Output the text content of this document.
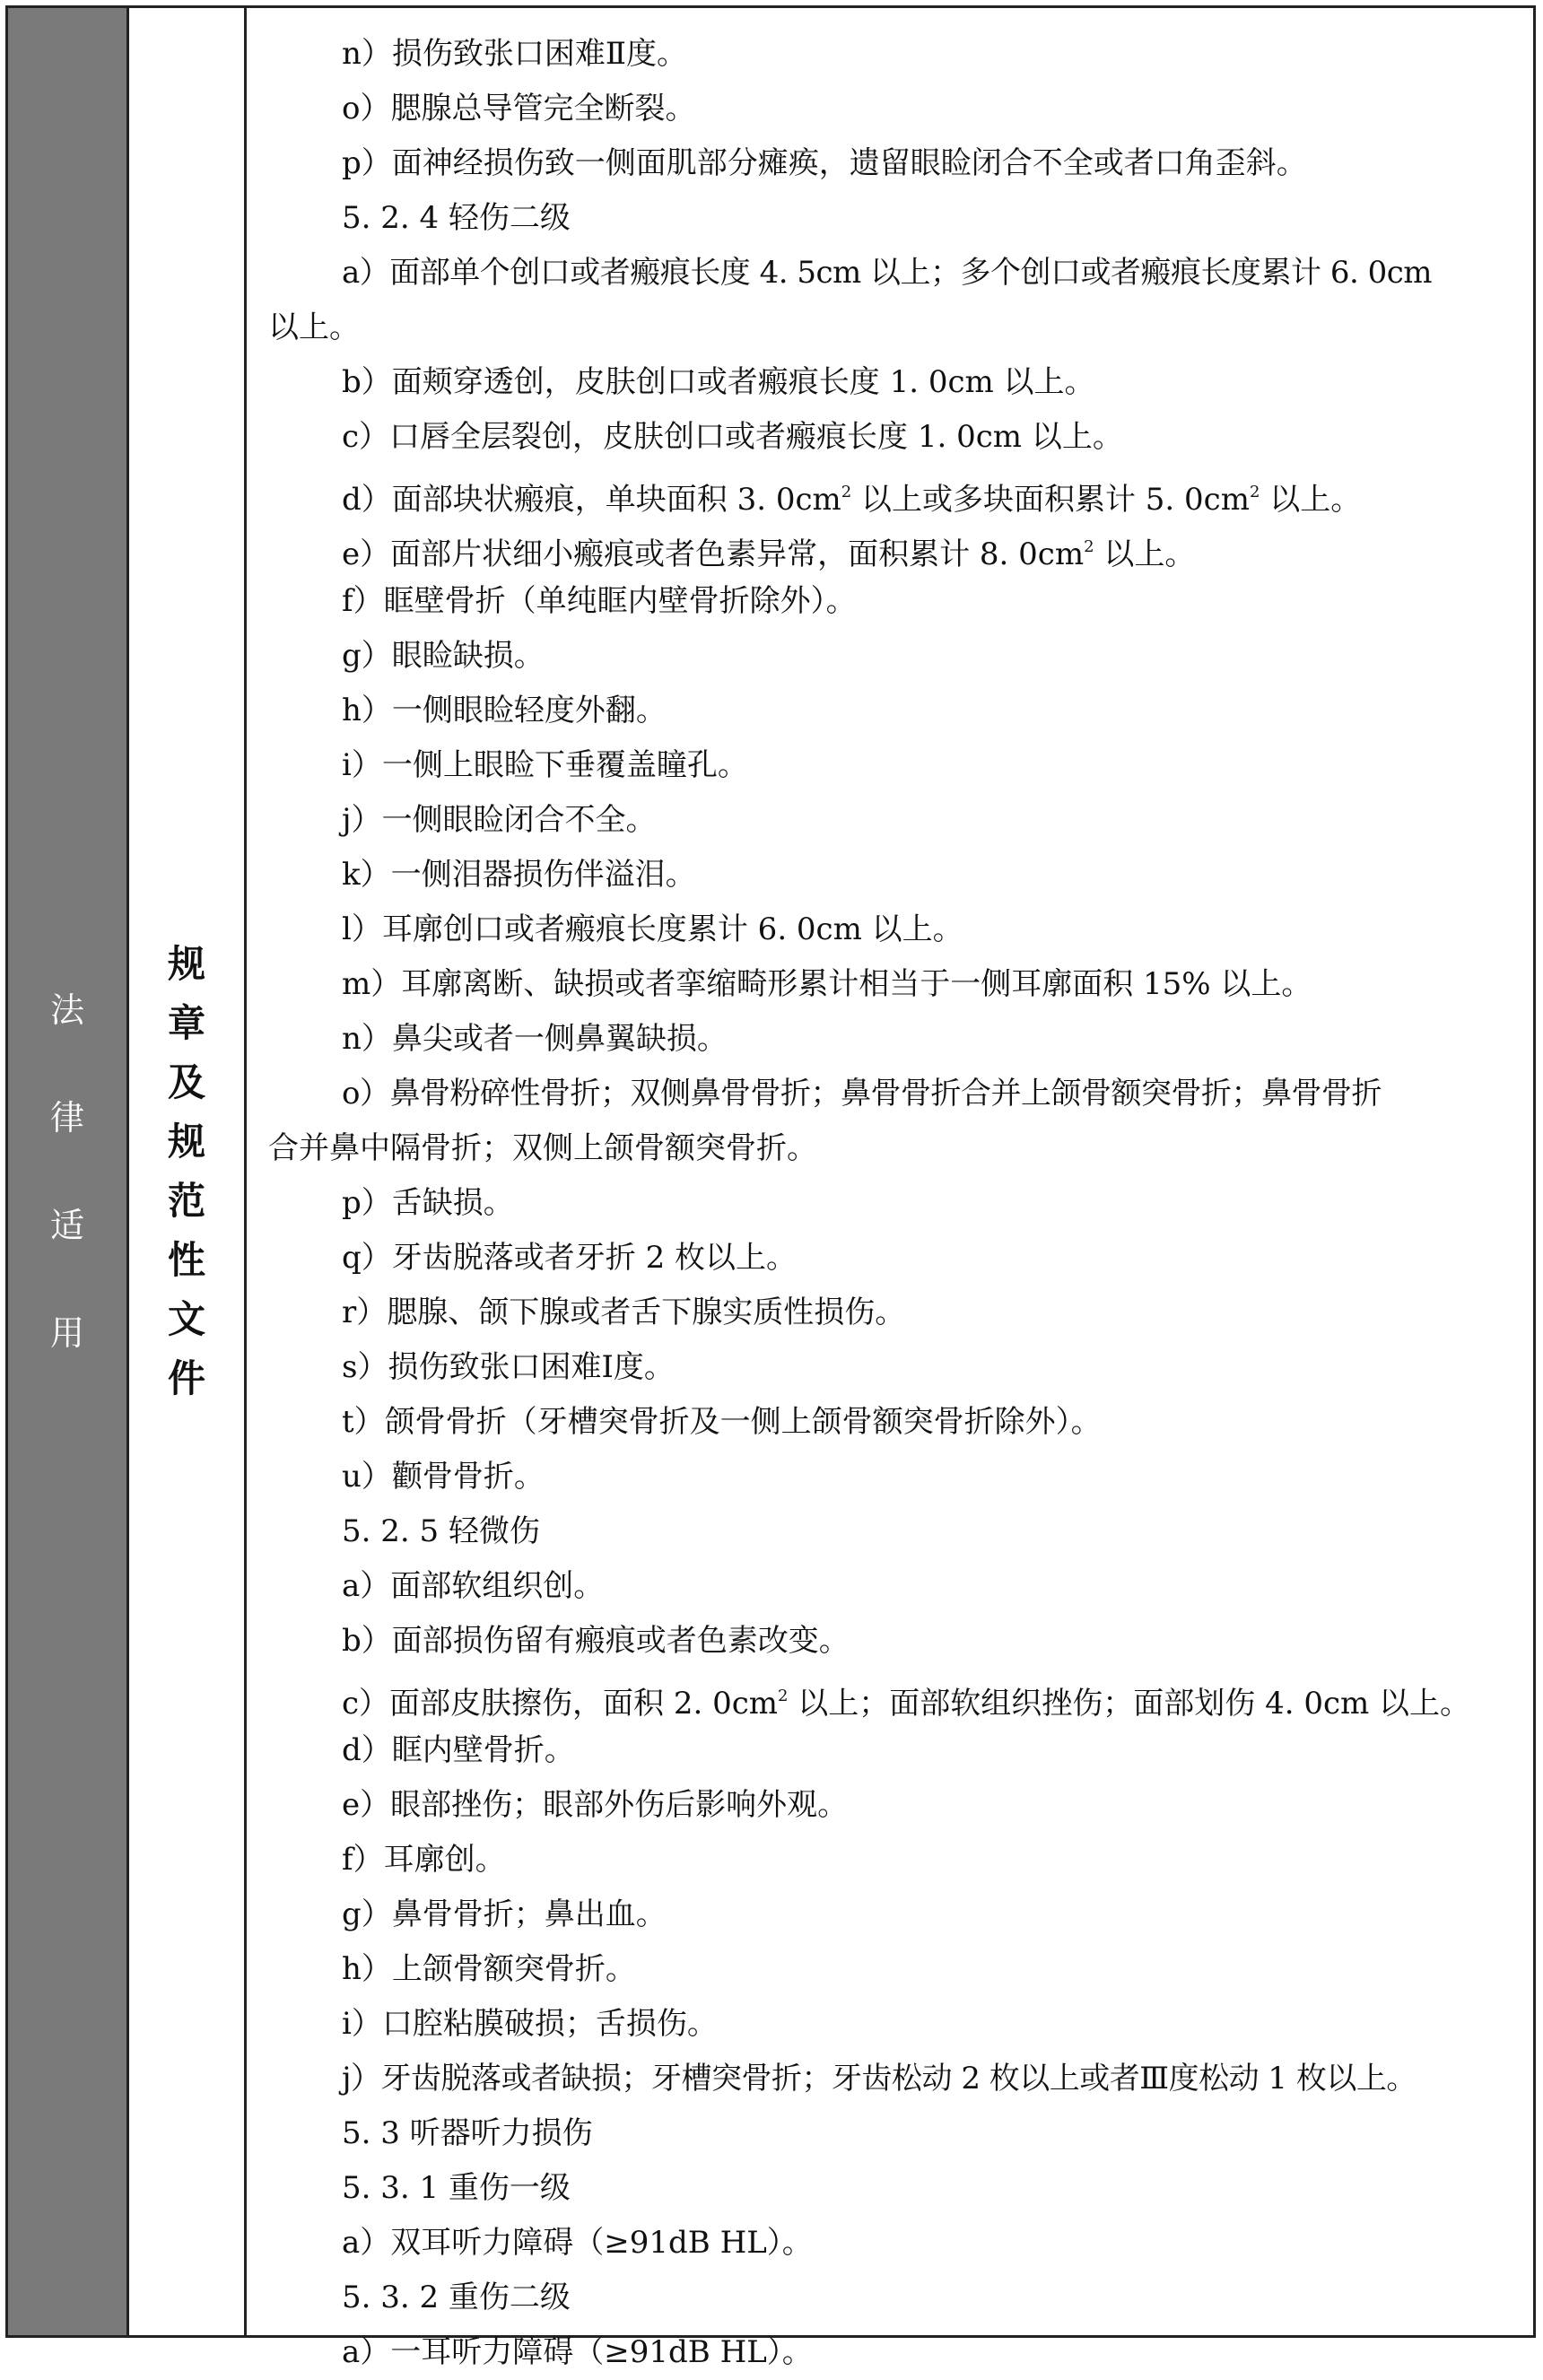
法
律
适
用
规
章
及
规
范
性
文
件
n）损伤致张口困难Ⅱ度。
o）腮腺总导管完全断裂。
p）面神经损伤致一侧面肌部分瘫痪，遗留眼睑闭合不全或者口角歪斜。
5. 2. 4 轻伤二级
a）面部单个创口或者瘢痕长度 4. 5cm 以上；多个创口或者瘢痕长度累计 6. 0cm
以上。
b）面颊穿透创，皮肤创口或者瘢痕长度 1. 0cm 以上。
c）口唇全层裂创，皮肤创口或者瘢痕长度 1. 0cm 以上。
d）面部块状瘢痕，单块面积 3. $0cm^2$ 以上或多块面积累计 5. $0cm^2$ 以上。
e）面部片状细小瘢痕或者色素异常，面积累计 8. $0cm^2$ 以上。
f）眶壁骨折（单纯眶内壁骨折除外）。
g）眼睑缺损。
h）一侧眼睑轻度外翻。
i）一侧上眼睑下垂覆盖瞳孔。
j）一侧眼睑闭合不全。
k）一侧泪器损伤伴溢泪。
l）耳廓创口或者瘢痕长度累计 6. 0cm 以上。
m）耳廓离断、缺损或者挛缩畸形累计相当于一侧耳廓面积 15% 以上。
n）鼻尖或者一侧鼻翼缺损。
o）鼻骨粉碎性骨折；双侧鼻骨骨折；鼻骨骨折合并上颌骨额突骨折；鼻骨骨折
合并鼻中隔骨折；双侧上颌骨额突骨折。
p）舌缺损。
q）牙齿脱落或者牙折 2 枚以上。
r）腮腺、颌下腺或者舌下腺实质性损伤。
s）损伤致张口困难Ⅰ度。
t）颌骨骨折（牙槽突骨折及一侧上颌骨额突骨折除外）。
u）颧骨骨折。
5. 2. 5 轻微伤
a）面部软组织创。
b）面部损伤留有瘢痕或者色素改变。
c）面部皮肤擦伤，面积 2. $0cm^2$ 以上；面部软组织挫伤；面部划伤 4. 0cm 以上。
d）眶内壁骨折。
e）眼部挫伤；眼部外伤后影响外观。
f）耳廓创。
g）鼻骨骨折；鼻出血。
h）上颌骨额突骨折。
i）口腔粘膜破损；舌损伤。
j）牙齿脱落或者缺损；牙槽突骨折；牙齿松动 2 枚以上或者Ⅲ度松动 1 枚以上。
5. 3 听器听力损伤
5. 3. 1 重伤一级
a）双耳听力障碍（≥91dB HL）。
5. 3. 2 重伤二级
a）一耳听力障碍（≥91dB HL）。
